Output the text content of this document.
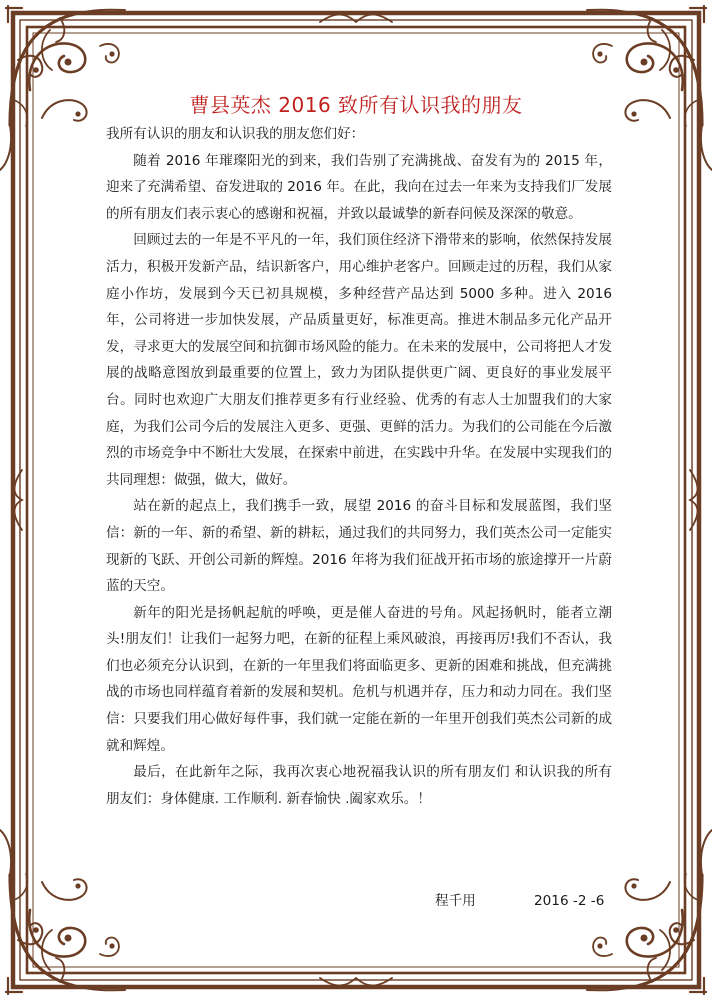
曹县英杰 2016 致所有认识我的朋友

我所有认识的朋友和认识我的朋友您们好：

随着 2016 年璀璨阳光的到来，我们告别了充满挑战、奋发有为的 2015 年，迎来了充满希望、奋发进取的 2016 年。在此，我向在过去一年来为支持我们厂发展的所有朋友们表示衷心的感谢和祝福，并致以最诚挚的新春问候及深深的敬意。

回顾过去的一年是不平凡的一年，我们顶住经济下滑带来的影响，依然保持发展活力，积极开发新产品，结识新客户，用心维护老客户。回顾走过的历程，我们从家庭小作坊，发展到今天已初具规模，多种经营产品达到 5000 多种。进入 2016 年，公司将进一步加快发展，产品质量更好，标准更高。推进木制品多元化产品开发，寻求更大的发展空间和抗御市场风险的能力。在未来的发展中，公司将把人才发展的战略意图放到最重要的位置上，致力为团队提供更广阔、更良好的事业发展平台。同时也欢迎广大朋友们推荐更多有行业经验、优秀的有志人士加盟我们的大家庭，为我们公司今后的发展注入更多、更强、更鲜的活力。为我们的公司能在今后激烈的市场竞争中不断壮大发展，在探索中前进，在实践中升华。在发展中实现我们的共同理想：做强，做大，做好。

站在新的起点上，我们携手一致，展望 2016 的奋斗目标和发展蓝图，我们坚信：新的一年、新的希望、新的耕耘，通过我们的共同努力，我们英杰公司一定能实现新的飞跃、开创公司新的辉煌。2016 年将为我们征战开拓市场的旅途撑开一片蔚蓝的天空。

新年的阳光是扬帆起航的呼唤，更是催人奋进的号角。风起扬帆时，能者立潮头!朋友们！让我们一起努力吧，在新的征程上乘风破浪，再接再厉!我们不否认，我们也必须充分认识到，在新的一年里我们将面临更多、更新的困难和挑战，但充满挑战的市场也同样蕴育着新的发展和契机。危机与机遇并存，压力和动力同在。我们坚信：只要我们用心做好每件事，我们就一定能在新的一年里开创我们英杰公司新的成就和辉煌。

最后，在此新年之际，我再次衷心地祝福我认识的所有朋友们 和认识我的所有朋友们：身体健康. 工作顺利. 新春愉快 .阖家欢乐。！

程千用	2016 -2 -6
